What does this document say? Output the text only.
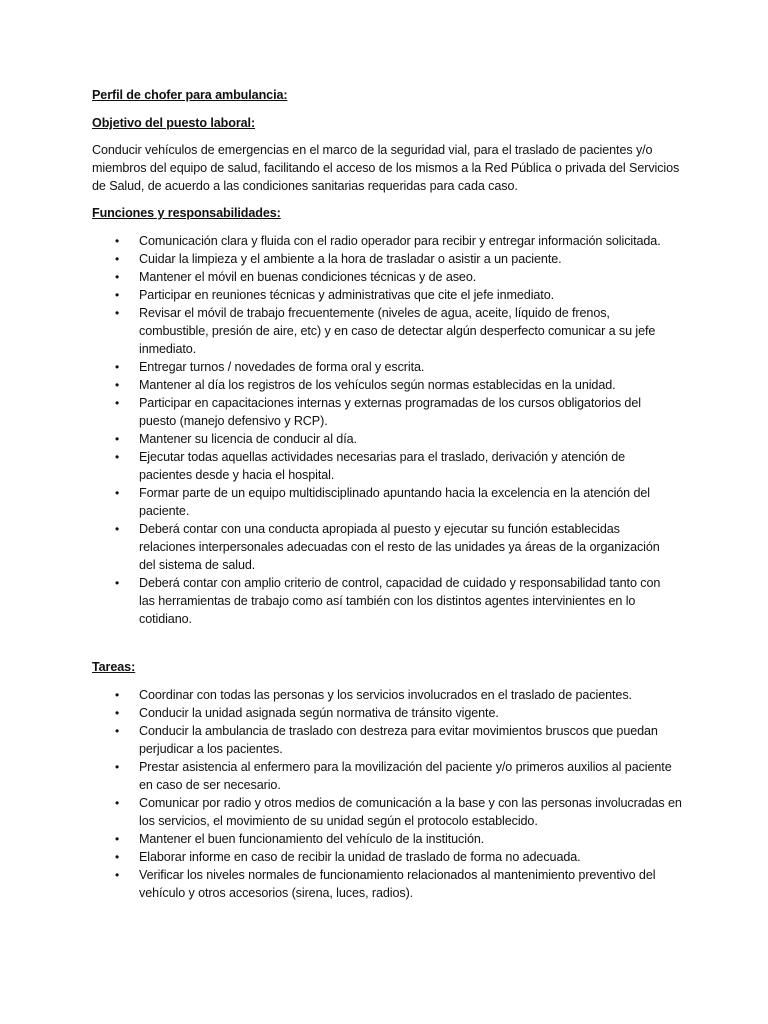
Perfil de chofer para ambulancia:

Objetivo del puesto laboral:

Conducir vehículos de emergencias en el marco de la seguridad vial, para el traslado de pacientes y/o miembros del equipo de salud, facilitando el acceso de los mismos a la Red Pública o privada del Servicios de Salud, de acuerdo a las condiciones sanitarias requeridas para cada caso.

Funciones y responsabilidades:

• Comunicación clara y fluida con el radio operador para recibir y entregar información solicitada.
• Cuidar la limpieza y el ambiente a la hora de trasladar o asistir a un paciente.
• Mantener el móvil en buenas condiciones técnicas y de aseo.
• Participar en reuniones técnicas y administrativas que cite el jefe inmediato.
• Revisar el móvil de trabajo frecuentemente (niveles de agua, aceite, líquido de frenos, combustible, presión de aire, etc) y en caso de detectar algún desperfecto comunicar a su jefe inmediato.
• Entregar turnos / novedades de forma oral y escrita.
• Mantener al día los registros de los vehículos según normas establecidas en la unidad.
• Participar en capacitaciones internas y externas programadas de los cursos obligatorios del puesto (manejo defensivo y RCP).
• Mantener su licencia de conducir al día.
• Ejecutar todas aquellas actividades necesarias para el traslado, derivación y atención de pacientes desde y hacia el hospital.
• Formar parte de un equipo multidisciplinado apuntando hacia la excelencia en la atención del paciente.
• Deberá contar con una conducta apropiada al puesto y ejecutar su función establecidas relaciones interpersonales adecuadas con el resto de las unidades ya áreas de la organización del sistema de salud.
• Deberá contar con amplio criterio de control, capacidad de cuidado y responsabilidad tanto con las herramientas de trabajo como así también con los distintos agentes intervinientes en lo cotidiano.

Tareas:

• Coordinar con todas las personas y los servicios involucrados en el traslado de pacientes.
• Conducir la unidad asignada según normativa de tránsito vigente.
• Conducir la ambulancia de traslado con destreza para evitar movimientos bruscos que puedan perjudicar a los pacientes.
• Prestar asistencia al enfermero para la movilización del paciente y/o primeros auxilios al paciente en caso de ser necesario.
• Comunicar por radio y otros medios de comunicación a la base y con las personas involucradas en los servicios, el movimiento de su unidad según el protocolo establecido.
• Mantener el buen funcionamiento del vehículo de la institución.
• Elaborar informe en caso de recibir la unidad de traslado de forma no adecuada.
• Verificar los niveles normales de funcionamiento relacionados al mantenimiento preventivo del vehículo y otros accesorios (sirena, luces, radios).
